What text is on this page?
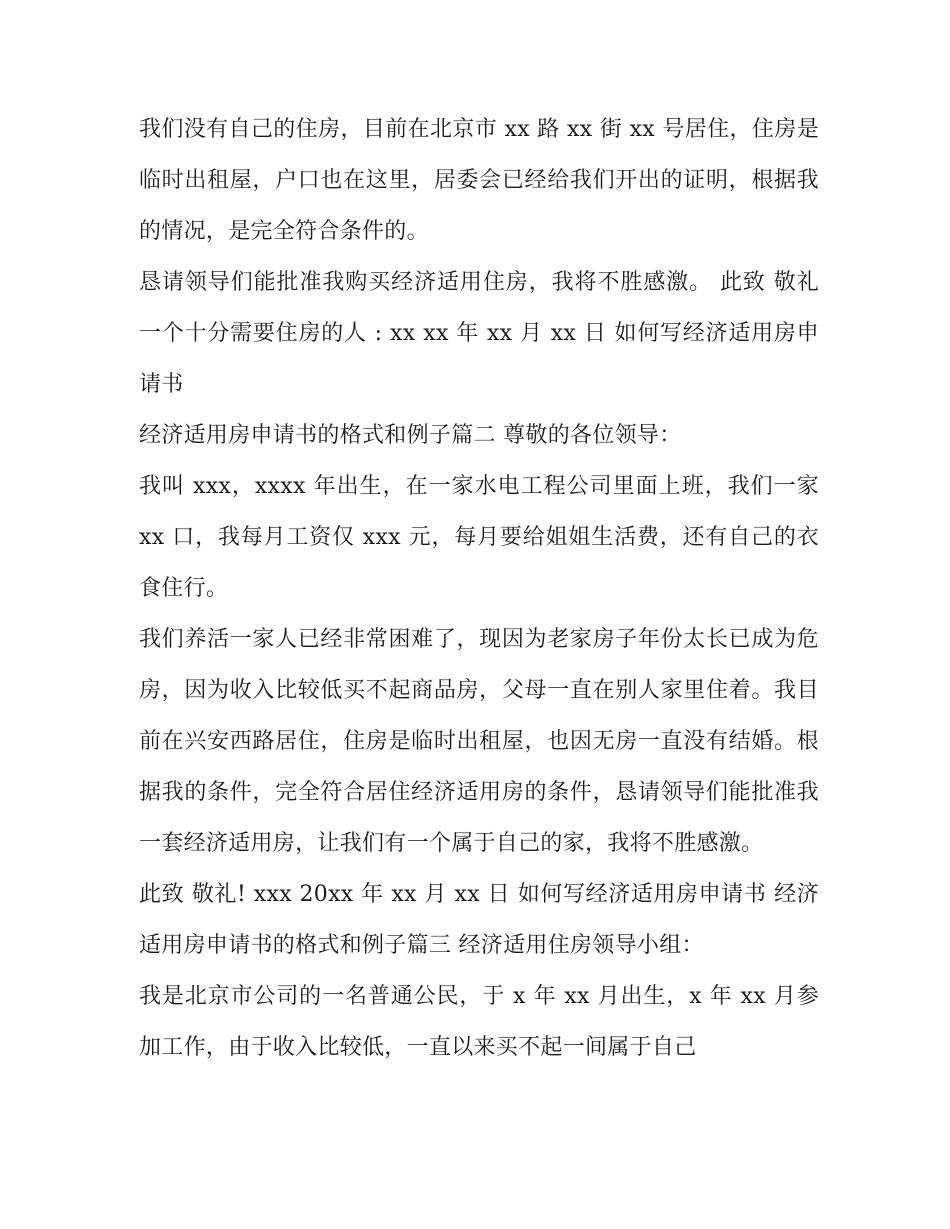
我们没有自己的住房，目前在北京市 xx 路 xx 街 xx 号居住，住房是临时出租屋，户口也在这里，居委会已经给我们开出的证明，根据我的情况，是完全符合条件的。

恳请领导们能批准我购买经济适用住房，我将不胜感激。 此致 敬礼 一个十分需要住房的人 : xx xx 年 xx 月 xx 日 如何写经济适用房申请书

经济适用房申请书的格式和例子篇二 尊敬的各位领导：

我叫 xxx，xxxx 年出生，在一家水电工程公司里面上班，我们一家 xx 口，我每月工资仅 xxx 元，每月要给姐姐生活费，还有自己的衣食住行。

我们养活一家人已经非常困难了，现因为老家房子年份太长已成为危房，因为收入比较低买不起商品房，父母一直在别人家里住着。我目前在兴安西路居住，住房是临时出租屋，也因无房一直没有结婚。根据我的条件，完全符合居住经济适用房的条件，恳请领导们能批准我一套经济适用房，让我们有一个属于自己的家，我将不胜感激。

此致 敬礼! xxx 20xx 年 xx 月 xx 日 如何写经济适用房申请书 经济适用房申请书的格式和例子篇三 经济适用住房领导小组：

我是北京市公司的一名普通公民，于 x 年 xx 月出生，x 年 xx 月参加工作，由于收入比较低，一直以来买不起一间属于自己
